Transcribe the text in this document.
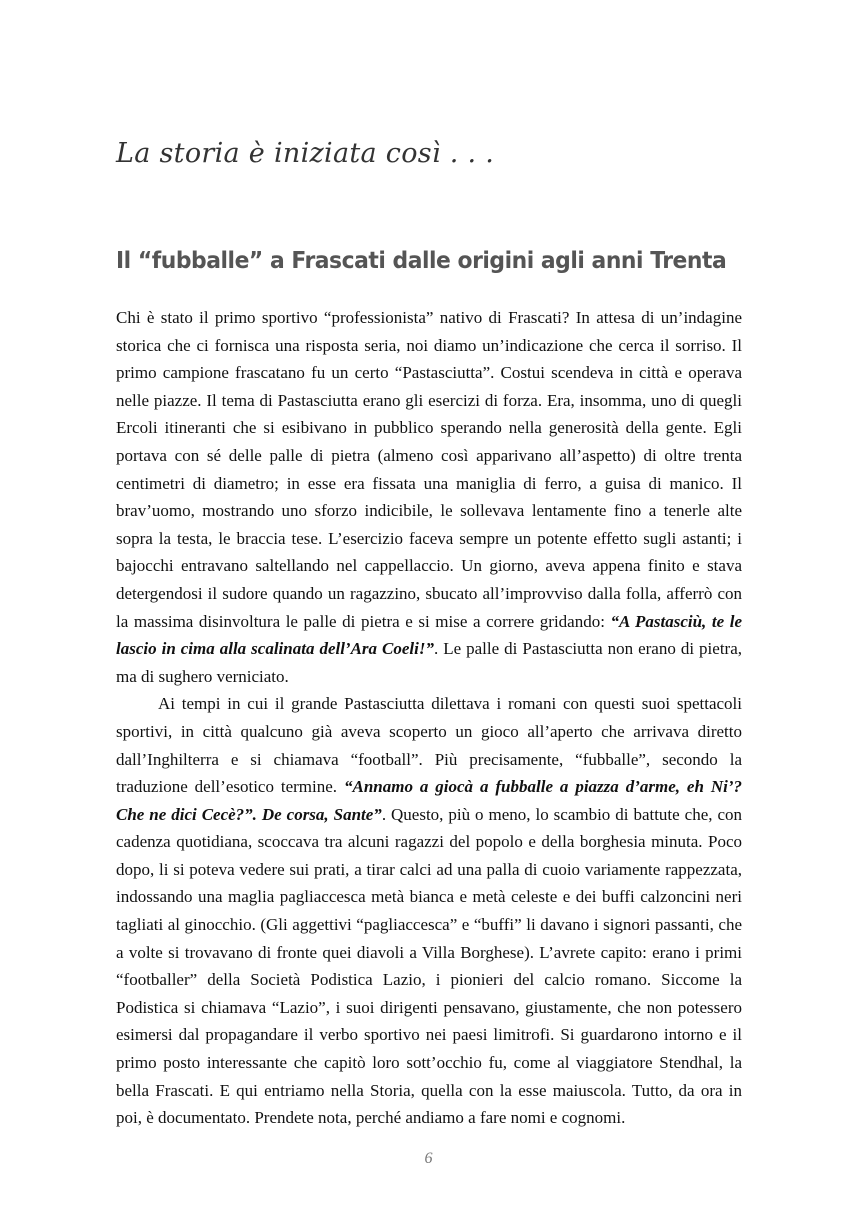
La storia è iniziata così . . .
Il “fubballe” a Frascati dalle origini agli anni Trenta

Chi è stato il primo sportivo “professionista” nativo di Frascati? In attesa di un’indagine storica che ci fornisca una risposta seria, noi diamo un’indicazione che cerca il sorriso. Il primo campione frascatano fu un certo “Pastasciutta”. Costui scendeva in città e operava nelle piazze. Il tema di Pastasciutta erano gli esercizi di forza. Era, insomma, uno di quegli Ercoli itineranti che si esibivano in pubblico sperando nella generosità della gente. Egli portava con sé delle palle di pietra (almeno così apparivano all’aspetto) di oltre trenta centimetri di diametro; in esse era fissata una maniglia di ferro, a guisa di manico. Il brav’uomo, mostrando uno sforzo indicibile, le sollevava lentamente fino a tenerle alte sopra la testa, le braccia tese. L’esercizio faceva sempre un potente effetto sugli astanti; i bajocchi entravano saltellando nel cappellaccio. Un giorno, aveva appena finito e stava detergendosi il sudore quando un ragazzino, sbucato all’improvviso dalla folla, afferrò con la massima disinvoltura le palle di pietra e si mise a correre gridando: “A Pastasciù, te le lascio in cima alla scalinata dell’Ara Coeli!”. Le palle di Pastasciutta non erano di pietra, ma di sughero verniciato.

Ai tempi in cui il grande Pastasciutta dilettava i romani con questi suoi spettacoli sportivi, in città qualcuno già aveva scoperto un gioco all’aperto che arrivava diretto dall’Inghilterra e si chiamava “football”. Più precisamente, “fubballe”, secondo la traduzione dell’esotico termine. “Annamo a giocà a fubballe a piazza d’arme, eh Ni’? Che ne dici Cecè?”. De corsa, Sante”. Questo, più o meno, lo scambio di battute che, con cadenza quotidiana, scoccava tra alcuni ragazzi del popolo e della borghesia minuta. Poco dopo, li si poteva vedere sui prati, a tirar calci ad una palla di cuoio variamente rappezzata, indossando una maglia pagliaccesca metà bianca e metà celeste e dei buffi calzoncini neri tagliati al ginocchio. (Gli aggettivi “pagliaccesca” e “buffi” li davano i signori passanti, che a volte si trovavano di fronte quei diavoli a Villa Borghese). L’avrete capito: erano i primi “footballer” della Società Podistica Lazio, i pionieri del calcio romano. Siccome la Podistica si chiamava “Lazio”, i suoi dirigenti pensavano, giustamente, che non potessero esimersi dal propagandare il verbo sportivo nei paesi limitrofi. Si guardarono intorno e il primo posto interessante che capitò loro sott’occhio fu, come al viaggiatore Stendhal, la bella Frascati. E qui entriamo nella Storia, quella con la esse maiuscola. Tutto, da ora in poi, è documentato. Prendete nota, perché andiamo a fare nomi e cognomi.

6
